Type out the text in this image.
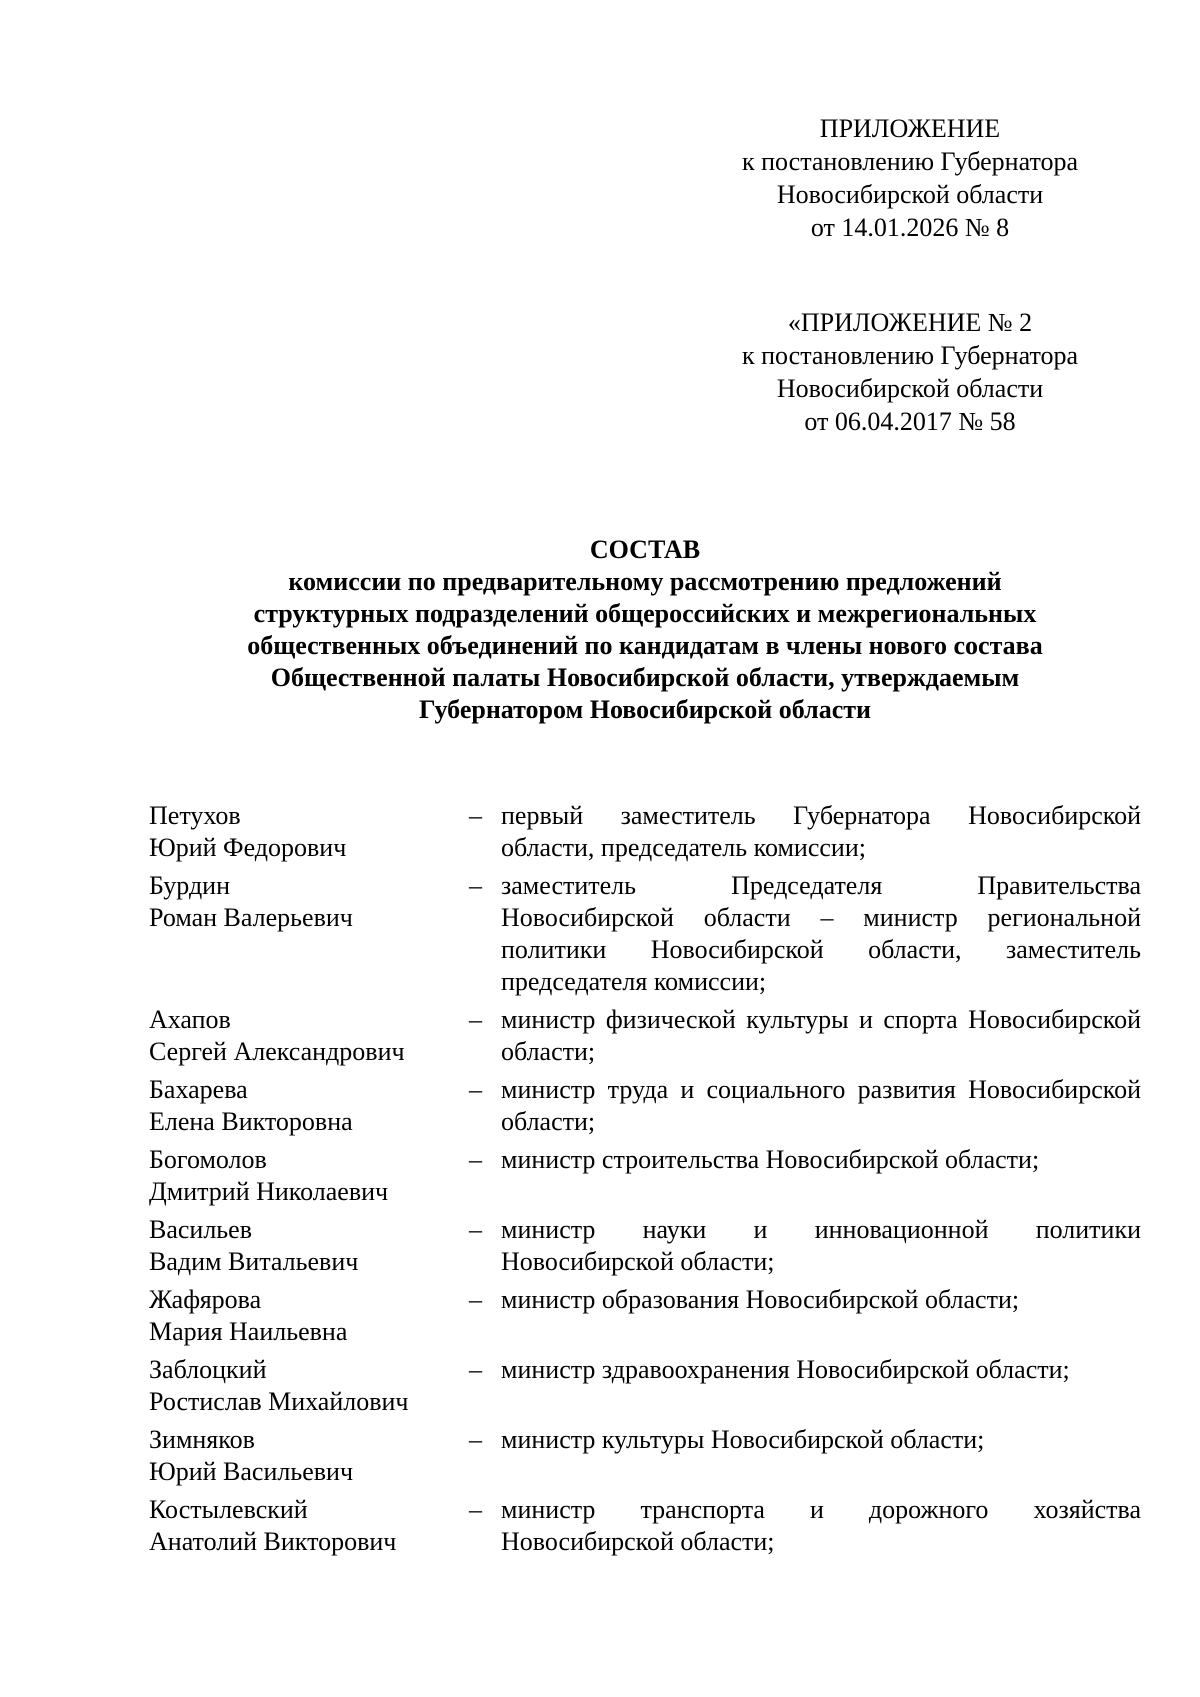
ПРИЛОЖЕНИЕ
к постановлению Губернатора
Новосибирской области
от 14.01.2026 № 8
«ПРИЛОЖЕНИЕ № 2
к постановлению Губернатора
Новосибирской области
от 06.04.2017 № 58
СОСТАВ
комиссии по предварительному рассмотрению предложений
структурных подразделений общероссийских и межрегиональных
общественных объединений по кандидатам в члены нового состава
Общественной палаты Новосибирской области, утверждаемым
Губернатором Новосибирской области
Петухов
Юрий Федорович
– первый заместитель Губернатора Новосибирской области, председатель комиссии;
Бурдин
Роман Валерьевич
– заместитель Председателя Правительства Новосибирской области – министр региональной политики Новосибирской области, заместитель председателя комиссии;
Ахапов
Сергей Александрович
– министр физической культуры и спорта Новосибирской области;
Бахарева
Елена Викторовна
– министр труда и социального развития Новосибирской области;
Богомолов
Дмитрий Николаевич
– министр строительства Новосибирской области;
Васильев
Вадим Витальевич
– министр науки и инновационной политики Новосибирской области;
Жафярова
Мария Наильевна
– министр образования Новосибирской области;
Заблоцкий
Ростислав Михайлович
– министр здравоохранения Новосибирской области;
Зимняков
Юрий Васильевич
– министр культуры Новосибирской области;
Костылевский
Анатолий Викторович
– министр транспорта и дорожного хозяйства Новосибирской области;
